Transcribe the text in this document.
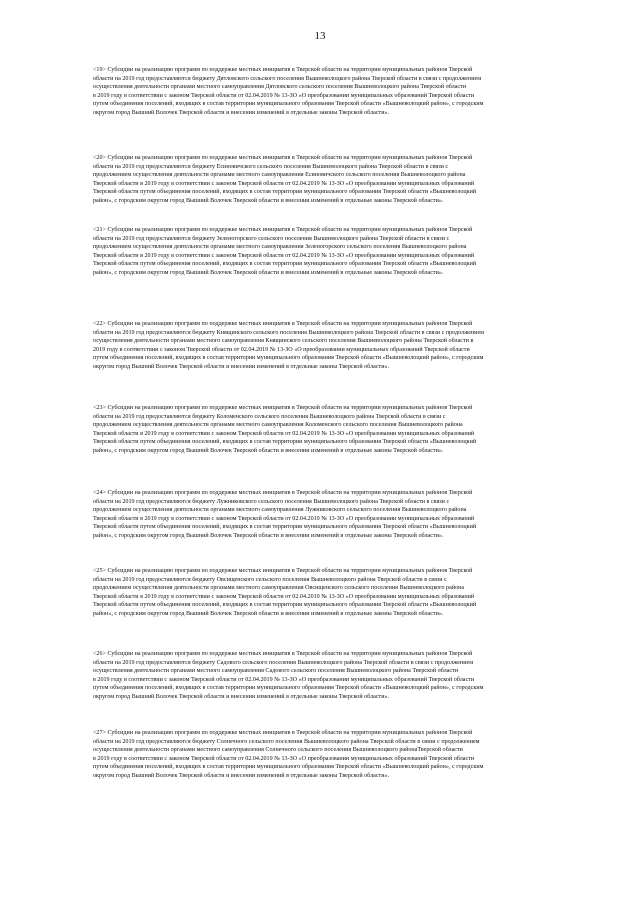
13

<19> Субсидии на реализацию программ по поддержке местных инициатив в Тверской области на территории муниципальных районов Тверской
области на 2019 год предоставляются бюджету Дятловского сельского поселения Вышневолоцкого района Тверской области в связи с продолжением
осуществления деятельности органами местного самоуправления Дятловского сельского поселения Вышневолоцкого района Тверской области
в 2019 году в соответствии с законом Тверской области от 02.04.2019 № 13-ЗО «О преобразовании муниципальных образований Тверской области
путем объединения поселений, входящих в состав территории муниципального образования Тверской области «Вышневолоцкий район», с городским
округом город Вышний Волочек Тверской области и внесении изменений в отдельные законы Тверской области».

<20> Субсидии на реализацию программ по поддержке местных инициатив в Тверской области на территории муниципальных районов Тверской
области на 2019 год предоставляются бюджету Есиновичского сельского поселения Вышневолоцкого района Тверской области в связи с
продолжением осуществления деятельности органами местного самоуправления Есиновичского сельского поселения Вышневолоцкого района
Тверской области в 2019 году в соответствии с законом Тверской области от 02.04.2019 № 13-ЗО «О преобразовании муниципальных образований
Тверской области путем объединения поселений, входящих в состав территории муниципального образования Тверской области «Вышневолоцкий
район», с городским округом город Вышний Волочек Тверской области и внесении изменений в отдельные законы Тверской области».

<21> Субсидии на реализацию программ по поддержке местных инициатив в Тверской области на территории муниципальных районов Тверской
области на 2019 год предоставляются бюджету Зеленогорского сельского поселения Вышневолоцкого района Тверской области в связи с
продолжением осуществления деятельности органами местного самоуправления Зеленогорского сельского поселения Вышневолоцкого района
Тверской области в 2019 году в соответствии с законом Тверской области от 02.04.2019 № 13-ЗО «О преобразовании муниципальных образований
Тверской области путем объединения поселений, входящих в состав территории муниципального образования Тверской области «Вышневолоцкий
район», с городским округом город Вышний Волочек Тверской области и внесении изменений в отдельные законы Тверской области».

<22> Субсидии на реализацию программ по поддержке местных инициатив в Тверской области на территории муниципальных районов Тверской
области на 2019 год предоставляются бюджету Княщинского сельского поселения Вышневолоцкого района Тверской области в связи с продолжением
осуществления деятельности органами местного самоуправления Княщинского сельского поселения Вышневолоцкого района Тверской области в
2019 году в соответствии с законом Тверской области от 02.04.2019 № 13-ЗО «О преобразовании муниципальных образований Тверской области
путем объединения поселений, входящих в состав территории муниципального образования Тверской области «Вышневолоцкий район», с городским
округом город Вышний Волочек Тверской области и внесении изменений в отдельные законы Тверской области».

<23> Субсидии на реализацию программ по поддержке местных инициатив в Тверской области на территории муниципальных районов Тверской
области на 2019 год предоставляются бюджету Коломенского сельского поселения Вышневолоцкого района Тверской области в связи с
продолжением осуществления деятельности органами местного самоуправления Коломенского сельского поселения Вышневолоцкого района
Тверской области в 2019 году в соответствии с законом Тверской области от 02.04.2019 № 13-ЗО «О преобразовании муниципальных образований
Тверской области путем объединения поселений, входящих в состав территории муниципального образования Тверской области «Вышневолоцкий
район», с городским округом город Вышний Волочек Тверской области и внесении изменений в отдельные законы Тверской области».

<24> Субсидии на реализацию программ по поддержке местных инициатив в Тверской области на территории муниципальных районов Тверской
области на 2019 год предоставляются бюджету Лужниковского сельского поселения Вышневолоцкого района Тверской области в связи с
продолжением осуществления деятельности органами местного самоуправления Лужниковского сельского поселения Вышневолоцкого района
Тверской области в 2019 году в соответствии с законом Тверской области от 02.04.2019 № 13-ЗО «О преобразовании муниципальных образований
Тверской области путем объединения поселений, входящих в состав территории муниципального образования Тверской области «Вышневолоцкий
район», с городским округом город Вышний Волочек Тверской области и внесении изменений в отдельные законы Тверской области».

<25> Субсидии на реализацию программ по поддержке местных инициатив в Тверской области на территории муниципальных районов Тверской
области на 2019 год предоставляются бюджету Овсищенского сельского поселения Вышневолоцкого района Тверской области в связи с
продолжением осуществления деятельности органами местного самоуправления Овсищенского сельского поселения Вышневолоцкого района
Тверской области в 2019 году в соответствии с законом Тверской области от 02.04.2019 № 13-ЗО «О преобразовании муниципальных образований
Тверской области путем объединения поселений, входящих в состав территории муниципального образования Тверской области «Вышневолоцкий
район», с городским округом город Вышний Волочек Тверской области и внесении изменений в отдельные законы Тверской области».

<26> Субсидии на реализацию программ по поддержке местных инициатив в Тверской области на территории муниципальных районов Тверской
области на 2019 год предоставляются бюджету Садового сельского поселения Вышневолоцкого района Тверской области в связи с продолжением
осуществления деятельности органами местного самоуправления Садового сельского поселения Вышневолоцкого района Тверской области
в 2019 году в соответствии с законом Тверской области от 02.04.2019 № 13-ЗО «О преобразовании муниципальных образований Тверской области
путем объединения поселений, входящих в состав территории муниципального образования Тверской области «Вышневолоцкий район», с городским
округом город Вышний Волочек Тверской области и внесении изменений в отдельные законы Тверской области».

<27> Субсидии на реализацию программ по поддержке местных инициатив в Тверской области на территории муниципальных районов Тверской
области на 2019 год предоставляются бюджету Солнечного сельского поселения Вышневолоцкого района Тверской области в связи с продолжением
осуществления деятельности органами местного самоуправления Солнечного сельского поселения Вышневолоцкого районаТверской области
в 2019 году в соответствии с законом Тверской области от 02.04.2019 № 13-ЗО «О преобразовании муниципальных образований Тверской области
путем объединения поселений, входящих в состав территории муниципального образования Тверской области «Вышневолоцкий район», с городским
округом город Вышний Волочек Тверской области и внесении изменений в отдельные законы Тверской области».
